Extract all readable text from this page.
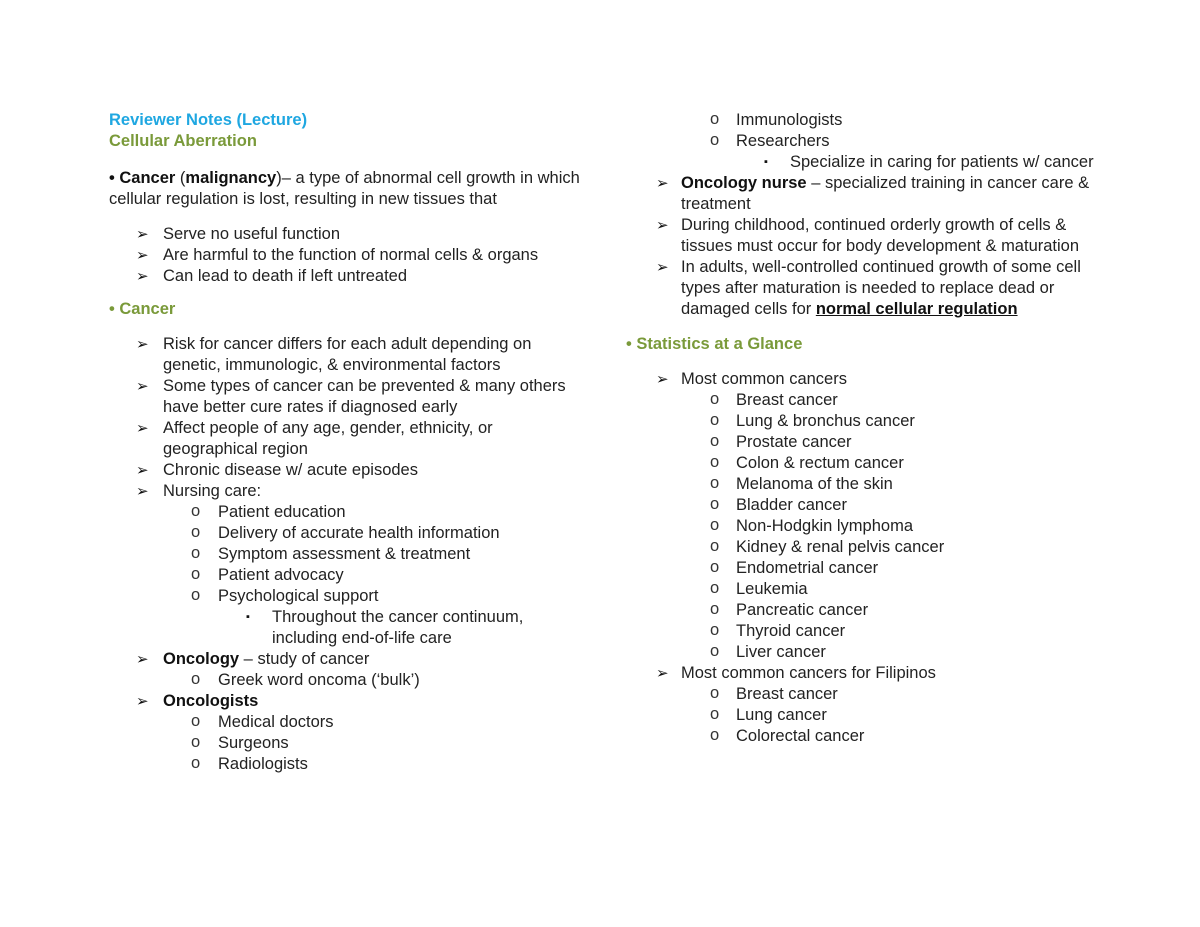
Reviewer Notes (Lecture)
Cellular Aberration
• Cancer (malignancy)– a type of abnormal cell growth in which cellular regulation is lost, resulting in new tissues that
➢ Serve no useful function
➢ Are harmful to the function of normal cells & organs
➢ Can lead to death if left untreated
• Cancer
➢ Risk for cancer differs for each adult depending on genetic, immunologic, & environmental factors
➢ Some types of cancer can be prevented & many others have better cure rates if diagnosed early
➢ Affect people of any age, gender, ethnicity, or geographical region
➢ Chronic disease w/ acute episodes
➢ Nursing care:
o Patient education
o Delivery of accurate health information
o Symptom assessment & treatment
o Patient advocacy
o Psychological support
▪ Throughout the cancer continuum, including end-of-life care
➢ Oncology – study of cancer
o Greek word oncoma (‘bulk’)
➢ Oncologists
o Medical doctors
o Surgeons
o Radiologists
o Immunologists
o Researchers
▪ Specialize in caring for patients w/ cancer
➢ Oncology nurse – specialized training in cancer care & treatment
➢ During childhood, continued orderly growth of cells & tissues must occur for body development & maturation
➢ In adults, well-controlled continued growth of some cell types after maturation is needed to replace dead or damaged cells for normal cellular regulation
• Statistics at a Glance
➢ Most common cancers
o Breast cancer
o Lung & bronchus cancer
o Prostate cancer
o Colon & rectum cancer
o Melanoma of the skin
o Bladder cancer
o Non-Hodgkin lymphoma
o Kidney & renal pelvis cancer
o Endometrial cancer
o Leukemia
o Pancreatic cancer
o Thyroid cancer
o Liver cancer
➢ Most common cancers for Filipinos
o Breast cancer
o Lung cancer
o Colorectal cancer
